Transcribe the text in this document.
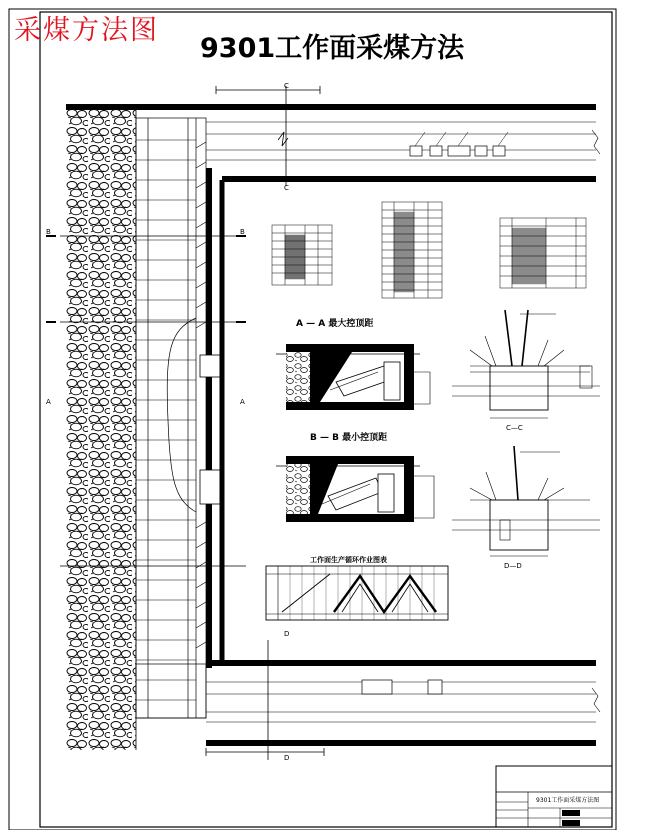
采煤方法图
9301工作面采煤方法
B	B
A	A
C
C
D
D
A — A 最大控顶距
B — B 最小控顶距
工作面生产循环作业图表
C—C
D—D
9301工作面采煤方法图
